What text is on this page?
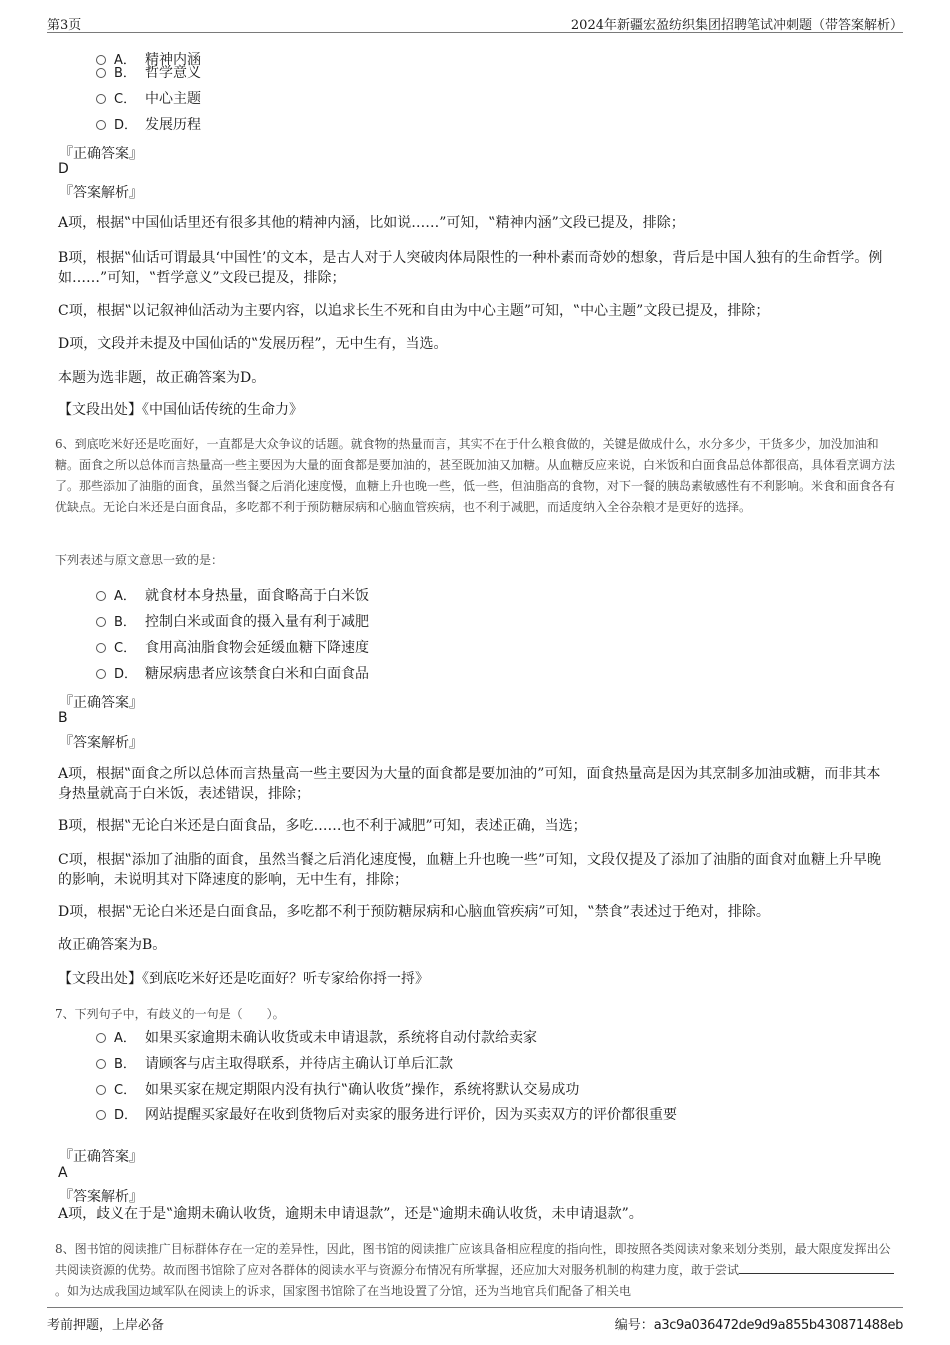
第3页	2024年新疆宏盈纺织集团招聘笔试冲刺题（带答案解析）
A． 精神内涵
B． 哲学意义
C． 中心主题
D． 发展历程
『正确答案』
D
『答案解析』
A项，根据‟中国仙话里还有很多其他的精神内涵，比如说……”可知，‟精神内涵”文段已提及，排除；
B项，根据‟仙话可谓最具‘中国性’的文本，是古人对于人突破肉体局限性的一种朴素而奇妙的想象，背后是中国人独有的生命哲学。例如……”可知，‟哲学意义”文段已提及，排除；
C项，根据‟以记叙神仙活动为主要内容，以追求长生不死和自由为中心主题”可知，‟中心主题”文段已提及，排除；
D项，文段并未提及中国仙话的‟发展历程”，无中生有，当选。
本题为选非题，故正确答案为D。
【文段出处】《中国仙话传统的生命力》
6、到底吃米好还是吃面好，一直都是大众争议的话题。就食物的热量而言，其实不在于什么粮食做的，关键是做成什么，水分多少，干货多少，加没加油和糖。面食之所以总体而言热量高一些主要因为大量的面食都是要加油的，甚至既加油又加糖。从血糖反应来说，白米饭和白面食品总体都很高，具体看烹调方法了。那些添加了油脂的面食，虽然当餐之后消化速度慢，血糖上升也晚一些，低一些，但油脂高的食物，对下一餐的胰岛素敏感性有不利影响。米食和面食各有优缺点。无论白米还是白面食品，多吃都不利于预防糖尿病和心脑血管疾病，也不利于减肥，而适度纳入全谷杂粮才是更好的选择。
下列表述与原文意思一致的是：
A． 就食材本身热量，面食略高于白米饭
B． 控制白米或面食的摄入量有利于减肥
C． 食用高油脂食物会延缓血糖下降速度
D． 糖尿病患者应该禁食白米和白面食品
『正确答案』
B
『答案解析』
A项，根据‟面食之所以总体而言热量高一些主要因为大量的面食都是要加油的”可知，面食热量高是因为其烹制多加油或糖，而非其本身热量就高于白米饭，表述错误，排除；
B项，根据‟无论白米还是白面食品，多吃……也不利于减肥”可知，表述正确，当选；
C项，根据‟添加了油脂的面食，虽然当餐之后消化速度慢，血糖上升也晚一些”可知，文段仅提及了添加了油脂的面食对血糖上升早晚的影响，未说明其对下降速度的影响，无中生有，排除；
D项，根据‟无论白米还是白面食品，多吃都不利于预防糖尿病和心脑血管疾病”可知，‟禁食”表述过于绝对，排除。
故正确答案为B。
【文段出处】《到底吃米好还是吃面好？听专家给你捋一捋》
7、下列句子中，有歧义的一句是（　　）。
A． 如果买家逾期未确认收货或未申请退款，系统将自动付款给卖家
B． 请顾客与店主取得联系，并待店主确认订单后汇款
C． 如果买家在规定期限内没有执行‟确认收货”操作，系统将默认交易成功
D． 网站提醒买家最好在收到货物后对卖家的服务进行评价，因为买卖双方的评价都很重要
『正确答案』
A
『答案解析』
A项，歧义在于是‟逾期未确认收货，逾期未申请退款”，还是‟逾期未确认收货，未申请退款”。
8、图书馆的阅读推广目标群体存在一定的差异性，因此，图书馆的阅读推广应该具备相应程度的指向性，即按照各类阅读对象来划分类别，最大限度发挥出公共阅读资源的优势。故而图书馆除了应对各群体的阅读水平与资源分布情况有所掌握，还应加大对服务机制的构建力度，敢于尝试。如为达成我国边域军队在阅读上的诉求，国家图书馆除了在当地设置了分馆，还为当地官兵们配备了相关电
考前押题，上岸必备	编号：a3c9a036472de9d9a855b430871488eb
